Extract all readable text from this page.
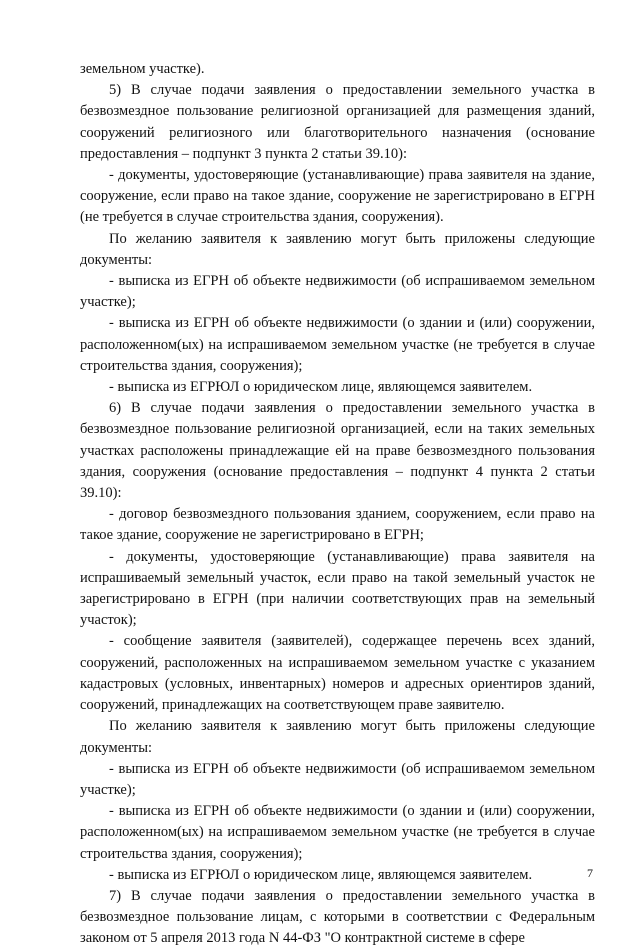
земельном участке).

5) В случае подачи заявления о предоставлении земельного участка в безвозмездное пользование религиозной организацией для размещения зданий, сооружений религиозного или благотворительного назначения (основание предоставления – подпункт 3 пункта 2 статьи 39.10):

- документы, удостоверяющие (устанавливающие) права заявителя на здание, сооружение, если право на такое здание, сооружение не зарегистрировано в ЕГРН (не требуется в случае строительства здания, сооружения).

По желанию заявителя к заявлению могут быть приложены следующие документы:

- выписка из ЕГРН об объекте недвижимости (об испрашиваемом земельном участке);

- выписка из ЕГРН об объекте недвижимости (о здании и (или) сооружении, расположенном(ых) на испрашиваемом земельном участке (не требуется в случае строительства здания, сооружения);

- выписка из ЕГРЮЛ о юридическом лице, являющемся заявителем.

6) В случае подачи заявления о предоставлении земельного участка в безвозмездное пользование религиозной организацией, если на таких земельных участках расположены принадлежащие ей на праве безвозмездного пользования здания, сооружения (основание предоставления – подпункт 4 пункта 2 статьи 39.10):

- договор безвозмездного пользования зданием, сооружением, если право на такое здание, сооружение не зарегистрировано в ЕГРН;

- документы, удостоверяющие (устанавливающие) права заявителя на испрашиваемый земельный участок, если право на такой земельный участок не зарегистрировано в ЕГРН (при наличии соответствующих прав на земельный участок);

- сообщение заявителя (заявителей), содержащее перечень всех зданий, сооружений, расположенных на испрашиваемом земельном участке с указанием кадастровых (условных, инвентарных) номеров и адресных ориентиров зданий, сооружений, принадлежащих на соответствующем праве заявителю.

По желанию заявителя к заявлению могут быть приложены следующие документы:

- выписка из ЕГРН об объекте недвижимости (об испрашиваемом земельном участке);

- выписка из ЕГРН об объекте недвижимости (о здании и (или) сооружении, расположенном(ых) на испрашиваемом земельном участке (не требуется в случае строительства здания, сооружения);

- выписка из ЕГРЮЛ о юридическом лице, являющемся заявителем.

7) В случае подачи заявления о предоставлении земельного участка в безвозмездное пользование лицам, с которыми в соответствии с Федеральным законом от 5 апреля 2013 года N 44-ФЗ "О контрактной системе в сфере

7
